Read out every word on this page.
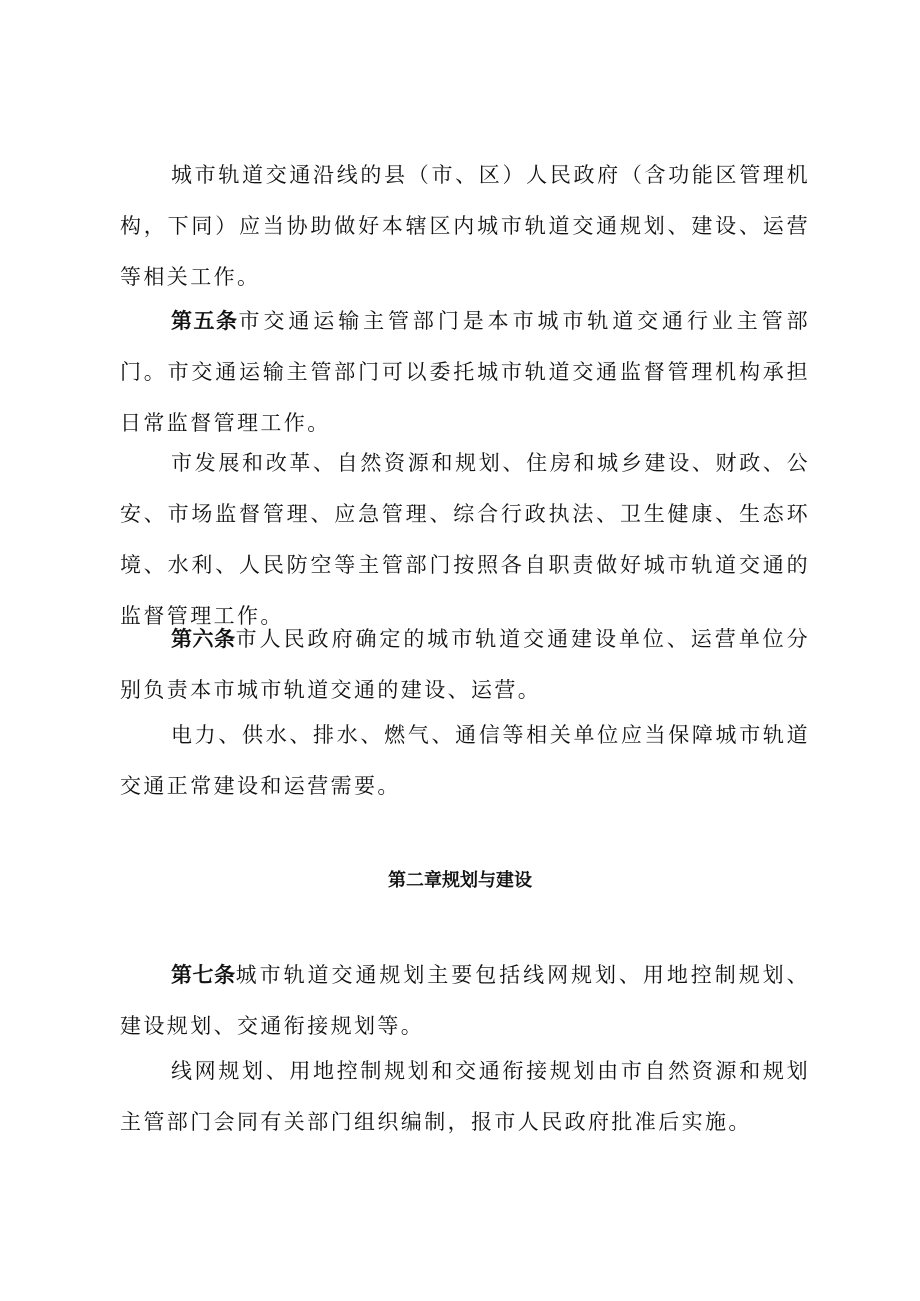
城市轨道交通沿线的县（市、区）人民政府（含功能区管理机构，下同）应当协助做好本辖区内城市轨道交通规划、建设、运营等相关工作。

第五条市交通运输主管部门是本市城市轨道交通行业主管部门。市交通运输主管部门可以委托城市轨道交通监督管理机构承担日常监督管理工作。

市发展和改革、自然资源和规划、住房和城乡建设、财政、公安、市场监督管理、应急管理、综合行政执法、卫生健康、生态环境、水利、人民防空等主管部门按照各自职责做好城市轨道交通的监督管理工作。

第六条市人民政府确定的城市轨道交通建设单位、运营单位分别负责本市城市轨道交通的建设、运营。

电力、供水、排水、燃气、通信等相关单位应当保障城市轨道交通正常建设和运营需要。

第二章规划与建设

第七条城市轨道交通规划主要包括线网规划、用地控制规划、建设规划、交通衔接规划等。

线网规划、用地控制规划和交通衔接规划由市自然资源和规划主管部门会同有关部门组织编制，报市人民政府批准后实施。
